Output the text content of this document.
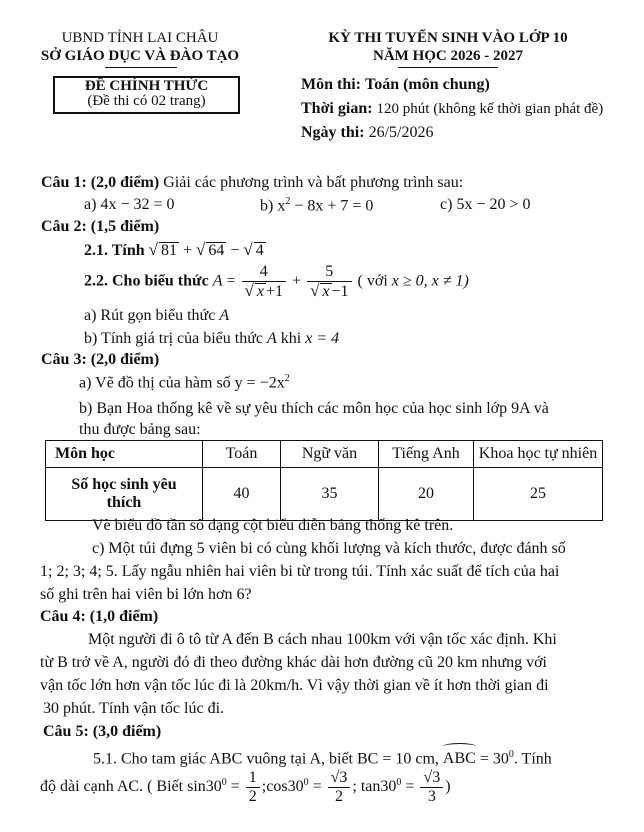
UBND TỈNH LAI CHÂU
SỞ GIÁO DỤC VÀ ĐÀO TẠO
ĐỀ CHÍNH THỨC
(Đề thi có 02 trang)
KỲ THI TUYỂN SINH VÀO LỚP 10
NĂM HỌC 2026 - 2027
Môn thi: Toán (môn chung)
Thời gian: 120 phút (không kể thời gian phát đề)
Ngày thi: 26/5/2026
Câu 1: (2,0 điểm) Giải các phương trình và bất phương trình sau:
a) 4x − 32 = 0	b) $x^2 - 8x + 7 = 0$	c) 5x − 20 > 0
Câu 2: (1,5 điểm)
2.1. Tính √ 81 + √ 64 − √ 4
2.2. Cho biểu thức $A = \frac{4}{√ x +1} + \frac{5}{√ x -1}$ ( với x ≥ 0, x ≠ 1)
a) Rút gọn biểu thức A
b) Tính giá trị của biểu thức A khi x = 4
Câu 3: (2,0 điểm)
a) Vẽ đồ thị của hàm số $y = -2x^2$
b) Bạn Hoa thống kê về sự yêu thích các môn học của học sinh lớp 9A và
thu được bảng sau:
Môn học	Toán	Ngữ văn	Tiếng Anh	Khoa học tự nhiên

Số học sinh yêu
thích	40	35	20	25
Vẽ biểu đồ tần số dạng cột biểu diễn bảng thống kê trên.
c) Một túi đựng 5 viên bi có cùng khối lượng và kích thước, được đánh số
1; 2; 3; 4; 5. Lấy ngẫu nhiên hai viên bi từ trong túi. Tính xác suất để tích của hai
số ghi trên hai viên bi lớn hơn 6?
Câu 4: (1,0 điểm)
Một người đi ô tô từ A đến B cách nhau 100km với vận tốc xác định. Khi
từ B trở về A, người đó đi theo đường khác dài hơn đường cũ 20 km nhưng với
vận tốc lớn hơn vận tốc lúc đi là 20km/h. Vì vậy thời gian về ít hơn thời gian đi
30 phút. Tính vận tốc lúc đi.
Câu 5: (3,0 điểm)
5.1. Cho tam giác ABC vuông tại A, biết BC = 10 cm, ABC = $30^0$. Tính
độ dài cạnh AC. ( Biết $\sin 30^0 = \frac{1}{2}$ $;\cos 30^0 = \frac{√3}{2}$ ; $\tan 30^0 = \frac{√3}{3}$ )
